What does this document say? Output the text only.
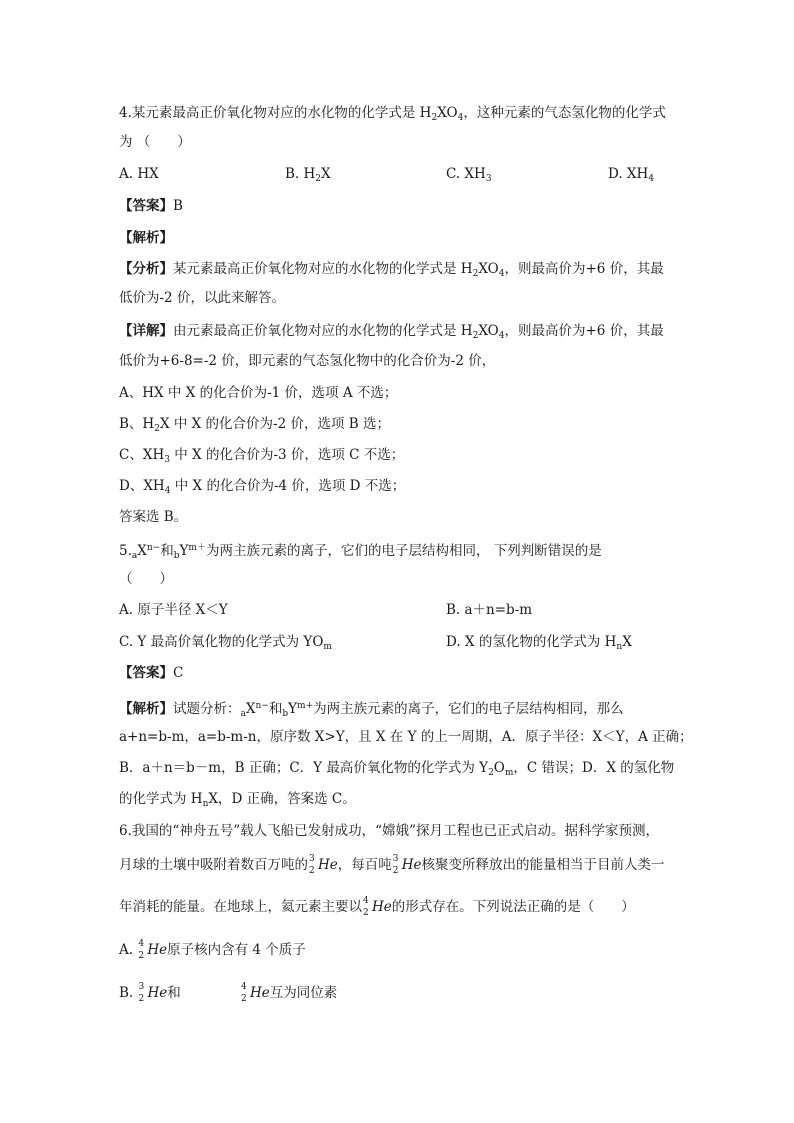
4.某元素最高正价氧化物对应的水化物的化学式是 $H_2XO_4$，这种元素的气态氢化物的化学式
为 （　　）
A. HX	B. $H_2X$	C. $XH_3$	D. $XH_4$
【答案】B
【解析】
【分析】某元素最高正价氧化物对应的水化物的化学式是 $H_2XO_4$，则最高价为+6 价，其最
低价为-2 价，以此来解答。
【详解】由元素最高正价氧化物对应的水化物的化学式是 $H_2XO_4$，则最高价为+6 价，其最
低价为+6-8=-2 价，即元素的气态氢化物中的化合价为-2 价，
A、HX 中 X 的化合价为-1 价，选项 A 不选；
B、$H_2X$ 中 X 的化合价为-2 价，选项 B 选；
C、$XH_3$ 中 X 的化合价为-3 价，选项 C 不选；
D、$XH_4$ 中 X 的化合价为-4 价，选项 D 不选；
答案选 B。
$5._aX^{n-}$和$_bY^{m+}$为两主族元素的离子，它们的电子层结构相同， 下列判断错误的是
（　　）
A. 原子半径 X＜Y	B. a＋n=b-m
C. Y 最高价氧化物的化学式为 $YO_m$	D. X 的氢化物的化学式为 $H_nX$
【答案】C
【解析】试题分析：$_aX^{n-}$和$_bY^{m+}$为两主族元素的离子，它们的电子层结构相同，那么
a+n=b-m，a=b-m-n，原序数 X>Y，且 X 在 Y 的上一周期，A．原子半径：X＜Y，A 正确；
B．a＋n＝b－m，B 正确；C．Y 最高价氧化物的化学式为 $Y_2O_m$，C 错误；D．X 的氢化物
的化学式为 $H_nX$，D 正确，答案选 C。
6.我国的“神舟五号”载人飞船已发射成功，“嫦娥”探月工程也已正式启动。据科学家预测，
月球的土壤中吸附着数百万吨的 3
2 He，每百吨 3
2 He核聚变所释放出的能量相当于目前人类一
年消耗的能量。在地球上，氦元素主要以 4
2 He的形式存在。下列说法正确的是（　　）
A. 4
2 He原子核内含有 4 个质子
B. 3
2 He和	4
2 He互为同位素
